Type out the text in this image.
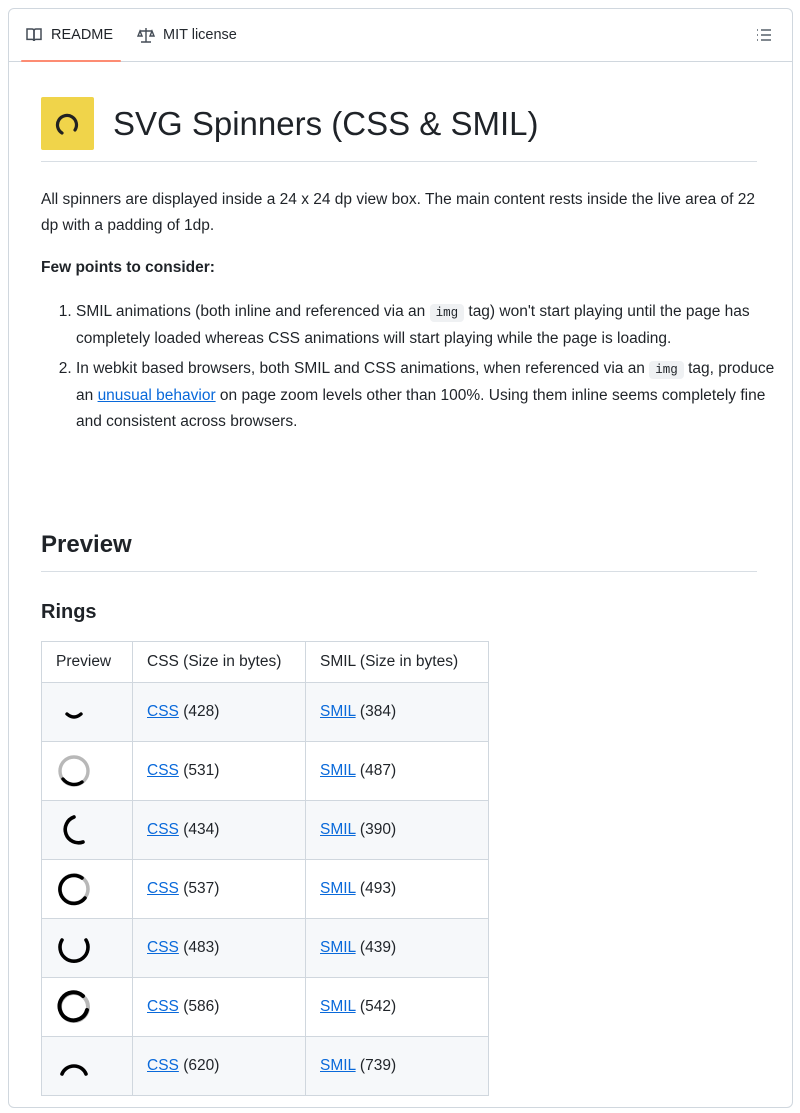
README	MIT license
SVG Spinners (CSS & SMIL)
All spinners are displayed inside a 24 x 24 dp view box. The main content rests inside the live area of 22 dp with a padding of 1dp.
Few points to consider:
1. SMIL animations (both inline and referenced via an img tag) won't start playing until the page has completely loaded whereas CSS animations will start playing while the page is loading.
2. In webkit based browsers, both SMIL and CSS animations, when referenced via an img tag, produce an unusual behavior on page zoom levels other than 100%. Using them inline seems completely fine and consistent across browsers.
Preview
Rings
Preview	CSS (Size in bytes)	SMIL (Size in bytes)

	CSS (428)	SMIL (384)

	CSS (531)	SMIL (487)

	CSS (434)	SMIL (390)

	CSS (537)	SMIL (493)

	CSS (483)	SMIL (439)

	CSS (586)	SMIL (542)

	CSS (620)	SMIL (739)
